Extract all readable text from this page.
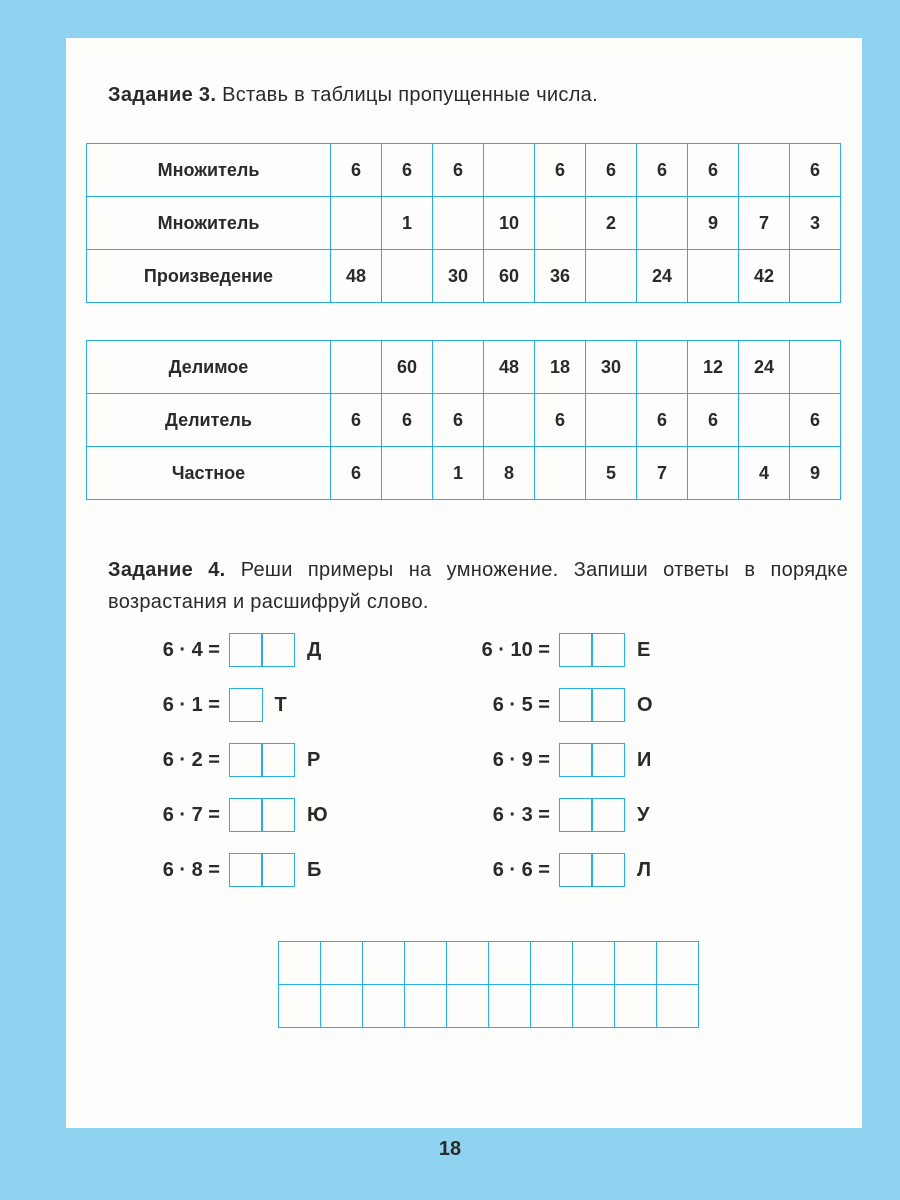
Задание 3. Вставь в таблицы пропущенные числа.
Множитель	6	6	6		6	6	6	6		6
Множитель		1		10		2		9	7	3
Произведение	48		30	60	36		24		42	
Делимое		60		48	18	30		12	24	
Делитель	6	6	6		6		6	6		6
Частное	6		1	8		5	7		4	9
Задание 4. Реши примеры на умножение. Запиши ответы в порядке возрастания и расшифруй слово.
6 · 4 =	Д
6 · 1 =	Т
6 · 2 =	Р
6 · 7 =	Ю
6 · 8 =	Б
6 · 10 =	Е
6 · 5 =	О
6 · 9 =	И
6 · 3 =	У
6 · 6 =	Л

18
